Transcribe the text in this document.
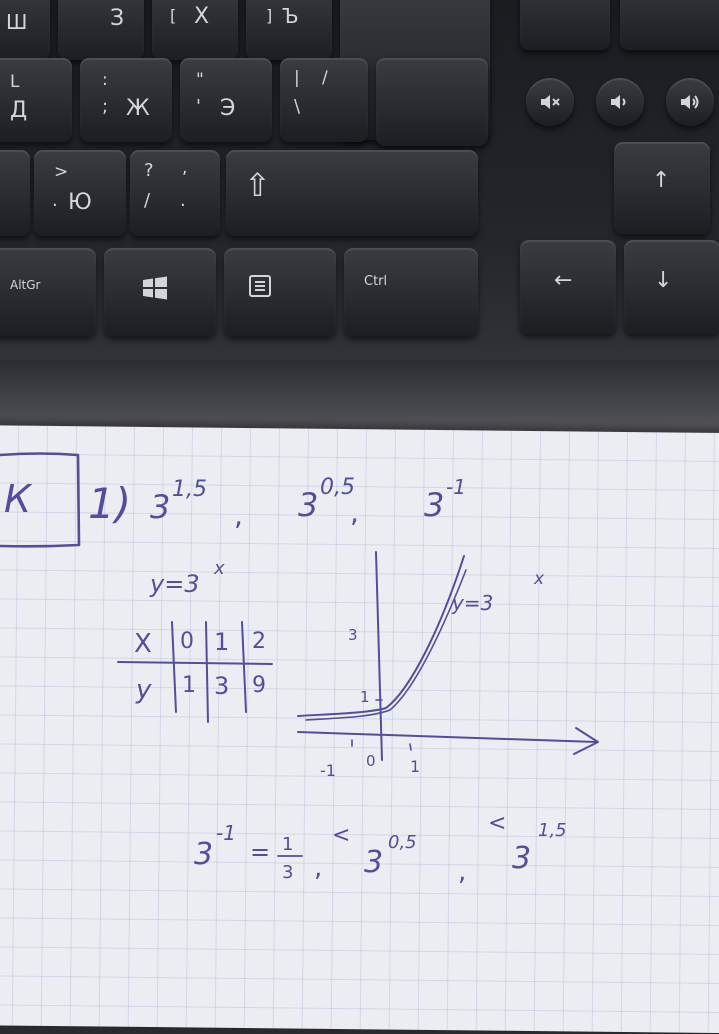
Ш	З	[ Х	] Ъ
L
Д
:
; Ж
"
' Э
| /
\
>
. Ю
? ,
/ . ⇧
AltGr	Ctrl
↑
←	↓
К 1) 3 1,5
, 3 0,5
, 3 -1
y=3
x
X 0 1 2
y 1 3 9
y=3
x
3
1
-1 0 1
3
-1
= 1
3 ,
<
3
0,5
,
<
3
1,5
